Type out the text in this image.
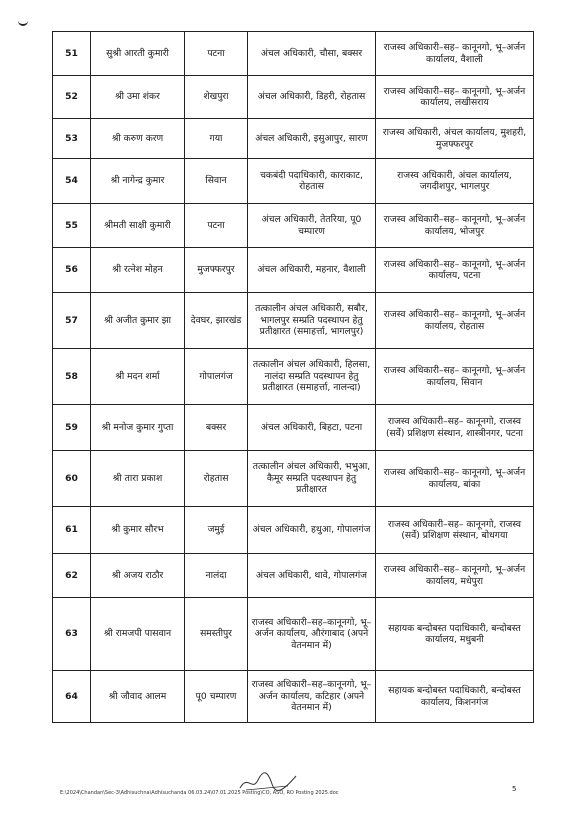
51	सुश्री आरती कुमारी	पटना	अंचल अधिकारी, चौसा, बक्सर	राजस्व अधिकारी–सह– कानूनगो, भू–अर्जन कार्यालय, वैशाली
52	श्री उमा शंकर	शेखपुरा	अंचल अधिकारी, डिहरी, रोहतास	राजस्व अधिकारी–सह– कानूनगो, भू–अर्जन कार्यालय, लखीसराय
53	श्री करुण करण	गया	अंचल अधिकारी, इसुआपुर, सारण	राजस्व अधिकारी, अंचल कार्यालय, मुशहरी, मुजफ्फरपुर
54	श्री नागेन्द्र कुमार	सिवान	चकबंदी पदाधिकारी, काराकाट, रोहतास	राजस्व अधिकारी, अंचल कार्यालय, जगदीशपुर, भागलपुर
55	श्रीमती साक्षी कुमारी	पटना	अंचल अधिकारी, तेतरिया, पू0 चम्पारण	राजस्व अधिकारी–सह– कानूनगो, भू–अर्जन कार्यालय, भोजपुर
56	श्री रत्नेश मोहन	मुजफ्फरपुर	अंचल अधिकारी, महनार, वैशाली	राजस्व अधिकारी–सह– कानूनगो, भू–अर्जन कार्यालय, पटना
57	श्री अजीत कुमार झा	देवघर, झारखंड	तत्कालीन अंचल अधिकारी, सबौर, भागलपुर सम्प्रति पदस्थापन हेतु प्रतीक्षारत (समाहर्त्ता, भागलपुर)	राजस्व अधिकारी–सह– कानूनगो, भू–अर्जन कार्यालय, रोहतास
58	श्री मदन शर्मा	गोपालगंज	तत्कालीन अंचल अधिकारी, हिलसा, नालंदा सम्प्रति पदस्थापन हेतु प्रतीक्षारत (समाहर्त्ता, नालन्दा)	राजस्व अधिकारी–सह– कानूनगो, भू–अर्जन कार्यालय, सिवान
59	श्री मनोज कुमार गुप्ता	बक्सर	अंचल अधिकारी, बिहटा, पटना	राजस्व अधिकारी–सह– कानूनगो, राजस्व (सर्वे) प्रशिक्षण संस्थान, शास्त्रीनगर, पटना
60	श्री तारा प्रकाश	रोहतास	तत्कालीन अंचल अधिकारी, भभुआ, कैमूर सम्प्रति पदस्थापन हेतु प्रतीक्षारत	राजस्व अधिकारी–सह– कानूनगो, भू–अर्जन कार्यालय, बांका
61	श्री कुमार सौरभ	जमुई	अंचल अधिकारी, हथुआ, गोपालगंज	राजस्व अधिकारी–सह– कानूनगो, राजस्व (सर्वे) प्रशिक्षण संस्थान, बोधगया
62	श्री अजय राठौर	नालंदा	अंचल अधिकारी, थावे, गोपालगंज	राजस्व अधिकारी–सह– कानूनगो, भू–अर्जन कार्यालय, मधेपुरा
63	श्री रामजपी पासवान	समस्तीपुर	राजस्व अधिकारी–सह–कानूनगो, भू–अर्जन कार्यालय, औरंगाबाद (अपने वेतनमान में)	सहायक बन्दोबस्त पदाधिकारी, बन्दोबस्त कार्यालय, मधुबनी
64	श्री जौवाद आलम	पू0 चम्पारण	राजस्व अधिकारी–सह–कानूनगो, भू–अर्जन कार्यालय, कटिहार (अपने वेतनमान में)	सहायक बन्दोबस्त पदाधिकारी, बन्दोबस्त कार्यालय, किशनगंज
E:\2024\Chandan\Sec-3\Adhisuchna\Adhisuchanda 06.03.24\07.01.2025 Posting\CO, ASO, RO Posting 2025.doc	5
